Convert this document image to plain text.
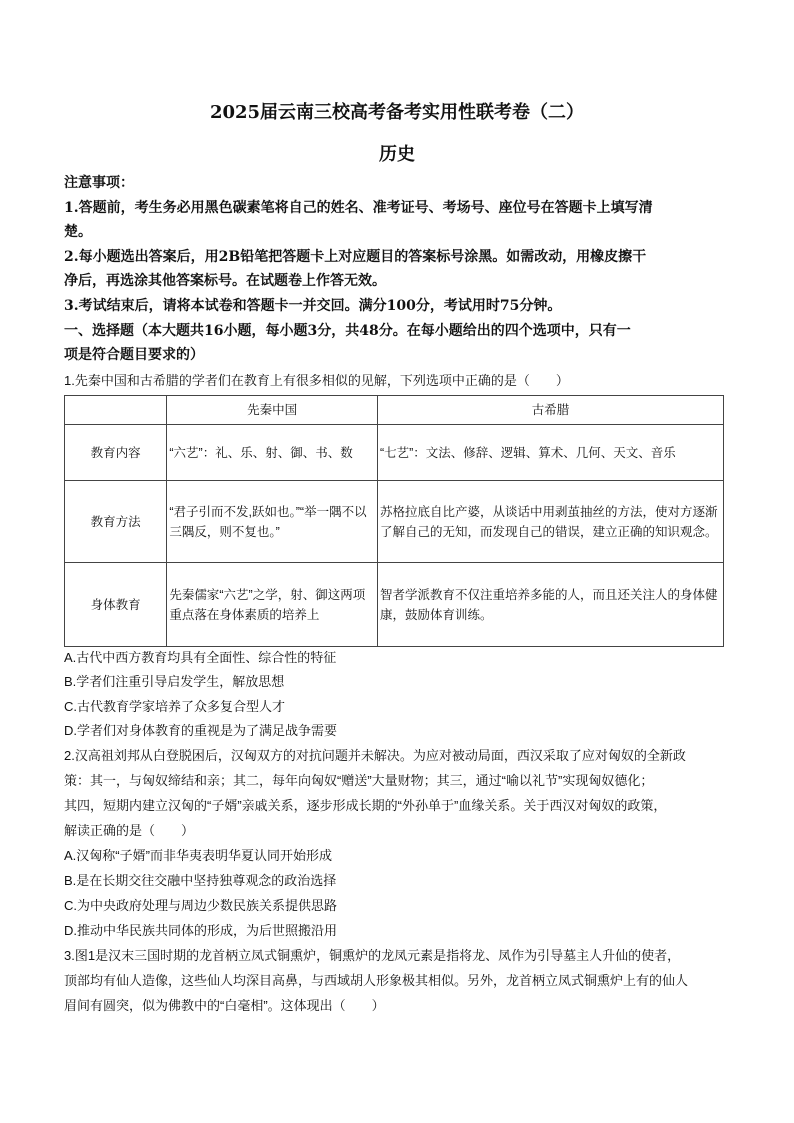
2025届云南三校高考备考实用性联考卷（二）
历史
注意事项：
1.答题前，考生务必用黑色碳素笔将自己的姓名、准考证号、考场号、座位号在答题卡上填写清
楚。
2.每小题选出答案后，用2B铅笔把答题卡上对应题目的答案标号涂黑。如需改动，用橡皮擦干
净后，再选涂其他答案标号。在试题卷上作答无效。
3.考试结束后，请将本试卷和答题卡一并交回。满分100分，考试用时75分钟。
一、选择题（本大题共16小题，每小题3分，共48分。在每小题给出的四个选项中，只有一
项是符合题目要求的）
1.先秦中国和古希腊的学者们在教育上有很多相似的见解，下列选项中正确的是（　　）
	先秦中国	古希腊
教育内容	“六艺”：礼、乐、射、御、书、数	“七艺”：文法、修辞、逻辑、算术、几何、天文、音乐
教育方法	“君子引而不发,跃如也。”“举一隅不以三隅反，则不复也。”	苏格拉底自比产婆，从谈话中用剥茧抽丝的方法，使对方逐渐了解自己的无知，而发现自己的错误，建立正确的知识观念。
身体教育	先秦儒家“六艺”之学，射、御这两项重点落在身体素质的培养上	智者学派教育不仅注重培养多能的人，而且还关注人的身体健康，鼓励体育训练。
A.古代中西方教育均具有全面性、综合性的特征
B.学者们注重引导启发学生，解放思想
C.古代教育学家培养了众多复合型人才
D.学者们对身体教育的重视是为了满足战争需要
2.汉高祖刘邦从白登脱困后，汉匈双方的对抗问题并未解决。为应对被动局面，西汉采取了应对匈奴的全新政
策：其一，与匈奴缔结和亲；其二，每年向匈奴“赠送”大量财物；其三，通过“喻以礼节”实现匈奴德化；
其四，短期内建立汉匈的“子婿”亲戚关系，逐步形成长期的“外孙单于”血缘关系。关于西汉对匈奴的政策，
解读正确的是（　　）
A.汉匈称“子婿”而非华夷表明华夏认同开始形成
B.是在长期交往交融中坚持独尊观念的政治选择
C.为中央政府处理与周边少数民族关系提供思路
D.推动中华民族共同体的形成，为后世照搬沿用
3.图1是汉末三国时期的龙首柄立凤式铜熏炉，铜熏炉的龙凤元素是指将龙、凤作为引导墓主人升仙的使者，
顶部均有仙人造像，这些仙人均深目高鼻，与西域胡人形象极其相似。另外，龙首柄立凤式铜熏炉上有的仙人
眉间有圆突，似为佛教中的“白毫相”。这体现出（　　）
